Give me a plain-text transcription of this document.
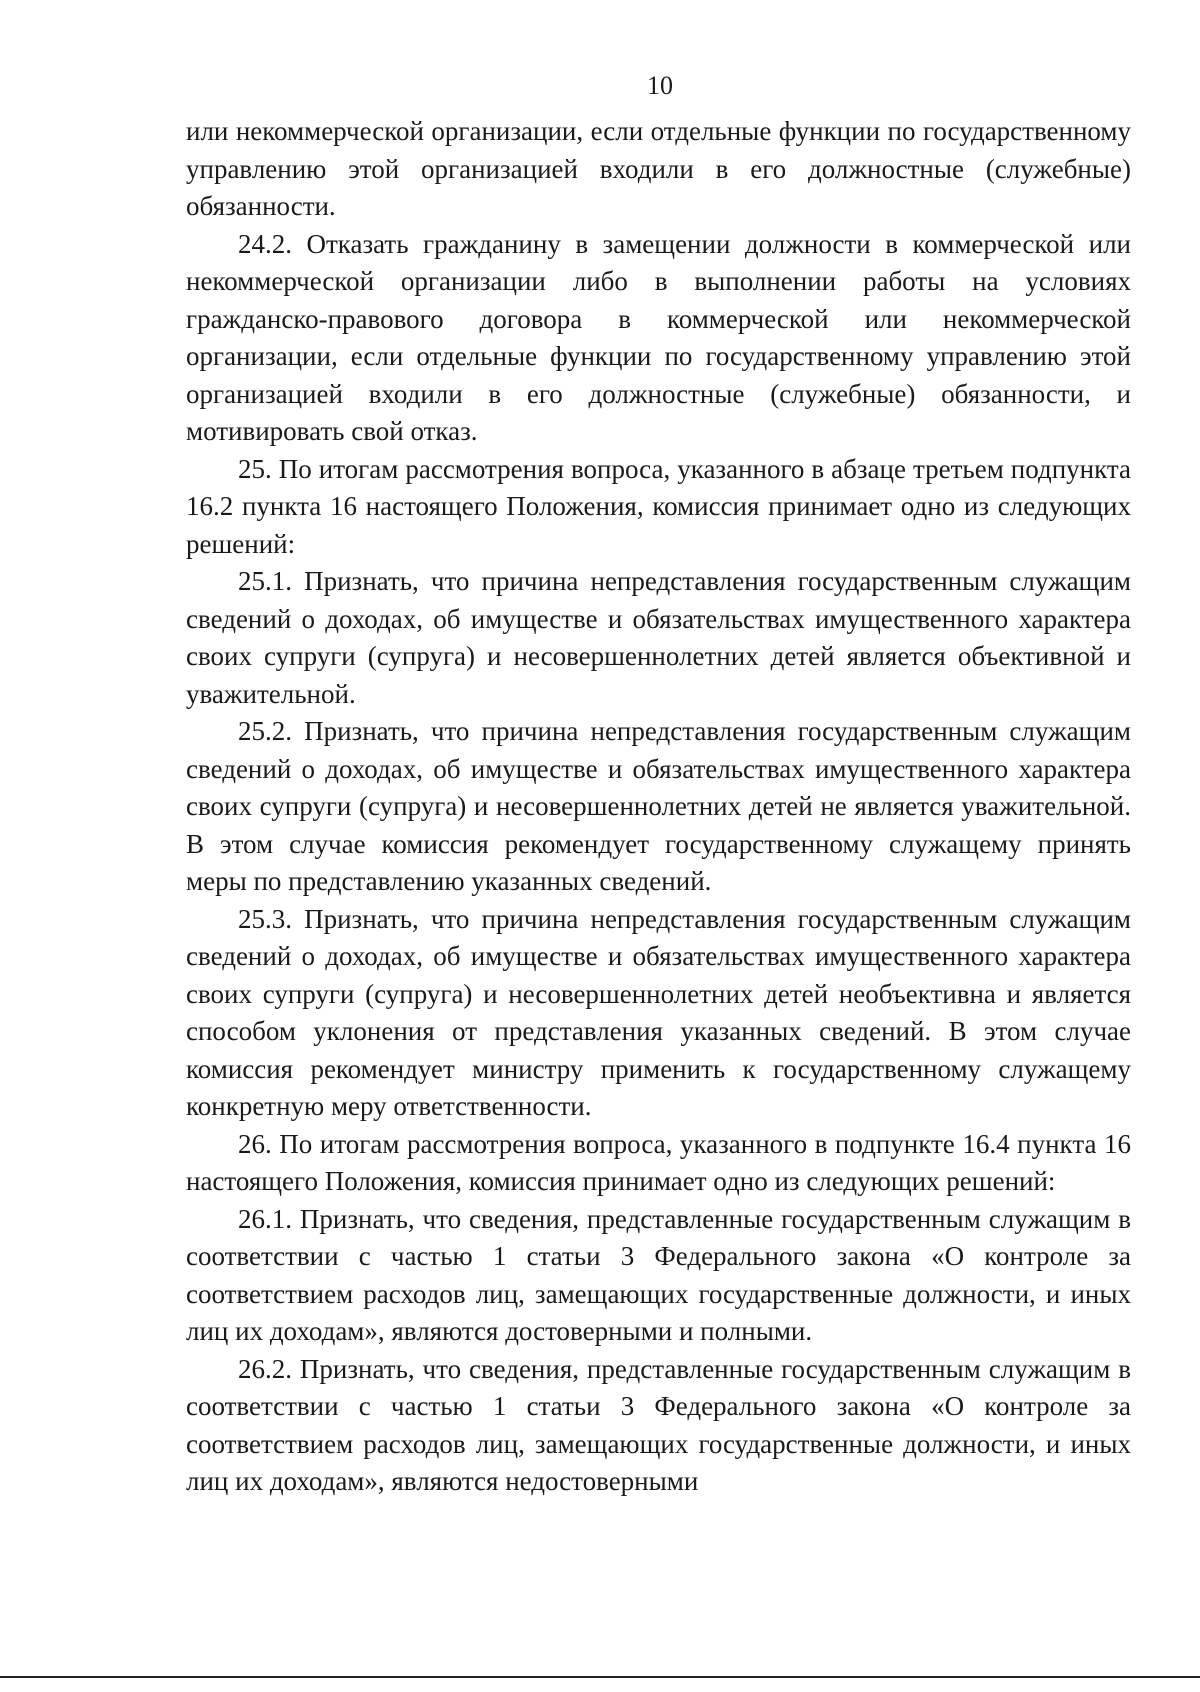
10

или некоммерческой организации, если отдельные функции по государственному управлению этой организацией входили в его должностные (служебные) обязанности.

24.2. Отказать гражданину в замещении должности в коммерческой или некоммерческой организации либо в выполнении работы на условиях гражданско-правового договора в коммерческой или некоммерческой организации, если отдельные функции по государственному управлению этой организацией входили в его должностные (служебные) обязанности, и мотивировать свой отказ.

25. По итогам рассмотрения вопроса, указанного в абзаце третьем подпункта 16.2 пункта 16 настоящего Положения, комиссия принимает одно из следующих решений:

25.1. Признать, что причина непредставления государственным служащим сведений о доходах, об имуществе и обязательствах имущественного характера своих супруги (супруга) и несовершеннолетних детей является объективной и уважительной.

25.2. Признать, что причина непредставления государственным служащим сведений о доходах, об имуществе и обязательствах имущественного характера своих супруги (супруга) и несовершеннолетних детей не является уважительной. В этом случае комиссия рекомендует государственному служащему принять меры по представлению указанных сведений.

25.3. Признать, что причина непредставления государственным служащим сведений о доходах, об имуществе и обязательствах имущественного характера своих супруги (супруга) и несовершеннолетних детей необъективна и является способом уклонения от представления указанных сведений. В этом случае комиссия рекомендует министру применить к государственному служащему конкретную меру ответственности.

26. По итогам рассмотрения вопроса, указанного в подпункте 16.4 пункта 16 настоящего Положения, комиссия принимает одно из следующих решений:

26.1. Признать, что сведения, представленные государственным служащим в соответствии с частью 1 статьи 3 Федерального закона «О контроле за соответствием расходов лиц, замещающих государственные должности, и иных лиц их доходам», являются достоверными и полными.

26.2. Признать, что сведения, представленные государственным служащим в соответствии с частью 1 статьи 3 Федерального закона «О контроле за соответствием расходов лиц, замещающих государственные должности, и иных лиц их доходам», являются недостоверными
